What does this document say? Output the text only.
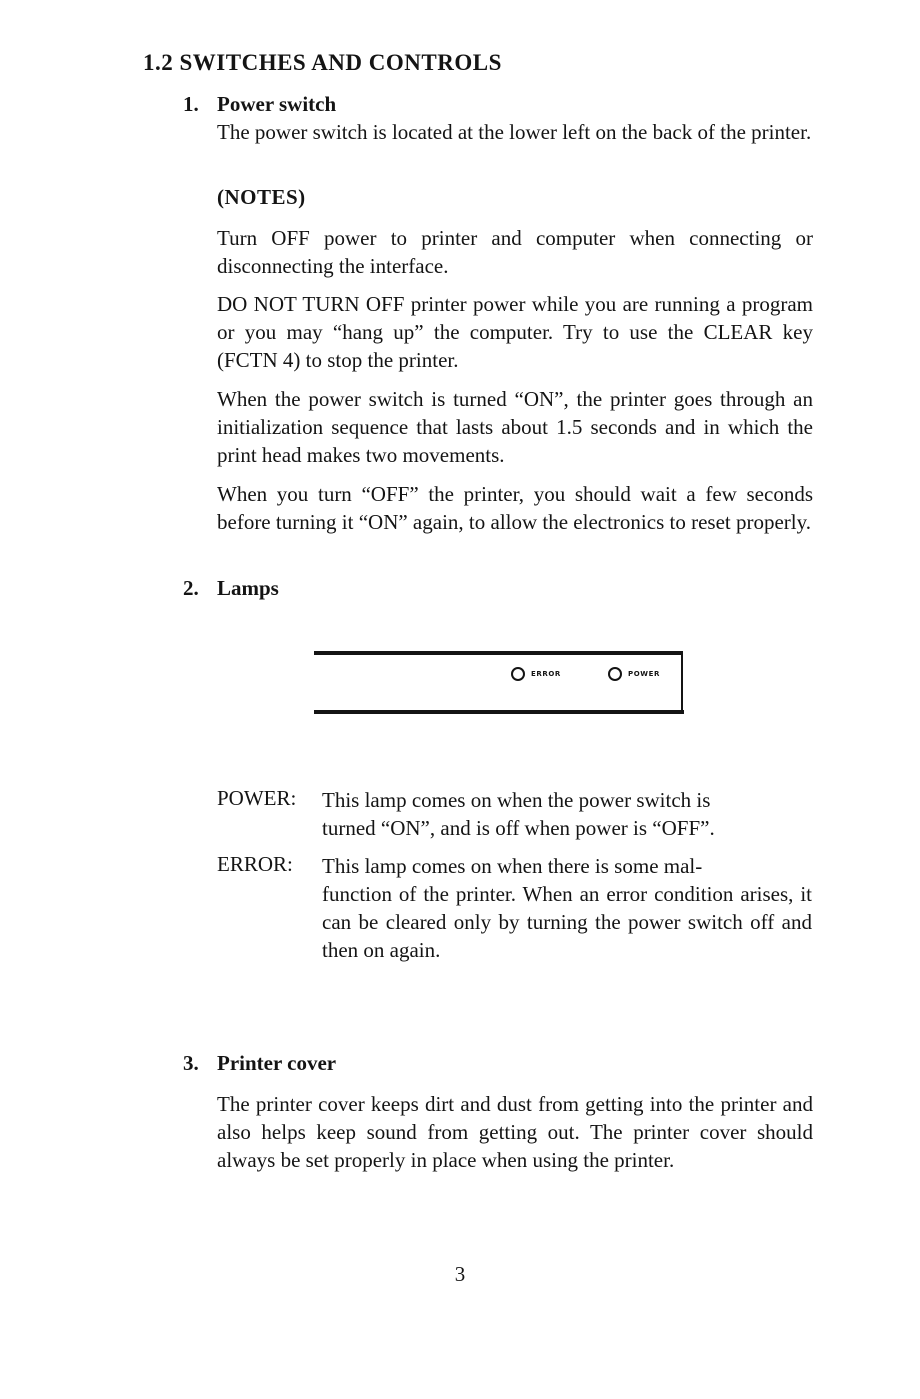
1.2 SWITCHES AND CONTROLS
1. Power switch
The power switch is located at the lower left on the back of the printer.
(NOTES)
Turn OFF power to printer and computer when connecting or disconnecting the interface.
DO NOT TURN OFF printer power while you are running a program or you may “hang up” the computer. Try to use the CLEAR key (FCTN 4) to stop the printer.
When the power switch is turned “ON”, the printer goes through an initialization sequence that lasts about 1.5 seconds and in which the print head makes two movements.
When you turn “OFF” the printer, you should wait a few seconds before turning it “ON” again, to allow the electronics to reset properly.
2. Lamps
ERROR	POWER
POWER: This lamp comes on when the power switch is
turned “ON”, and is off when power is “OFF”.
ERROR: This lamp comes on when there is some mal-
function of the printer. When an error condition arises, it can be cleared only by turning the power switch off and then on again.
3. Printer cover
The printer cover keeps dirt and dust from getting into the printer and also helps keep sound from getting out. The printer cover should always be set properly in place when using the printer.
3
